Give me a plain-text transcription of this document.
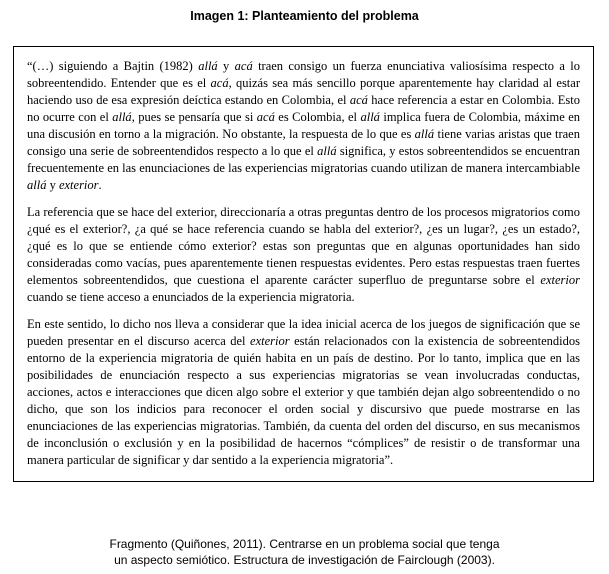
Imagen 1: Planteamiento del problema

“(…) siguiendo a Bajtin (1982) allá y acá traen consigo un fuerza enunciativa valiosísima respecto a lo sobreentendido. Entender que es el acá, quizás sea más sencillo porque aparentemente hay claridad al estar haciendo uso de esa expresión deíctica estando en Colombia, el acá hace referencia a estar en Colombia. Esto no ocurre con el allá, pues se pensaría que si acá es Colombia, el allá implica fuera de Colombia, máxime en una discusión en torno a la migración. No obstante, la respuesta de lo que es allá tiene varias aristas que traen consigo una serie de sobreentendidos respecto a lo que el allá significa, y estos sobreentendidos se encuentran frecuentemente en las enunciaciones de las experiencias migratorias cuando utilizan de manera intercambiable allá y exterior.

La referencia que se hace del exterior, direccionaría a otras preguntas dentro de los procesos migratorios como ¿qué es el exterior?, ¿a qué se hace referencia cuando se habla del exterior?, ¿es un lugar?, ¿es un estado?, ¿qué es lo que se entiende cómo exterior? estas son preguntas que en algunas oportunidades han sido consideradas como vacías, pues aparentemente tienen respuestas evidentes. Pero estas respuestas traen fuertes elementos sobreentendidos, que cuestiona el aparente carácter superfluo de preguntarse sobre el exterior cuando se tiene acceso a enunciados de la experiencia migratoria.

En este sentido, lo dicho nos lleva a considerar que la idea inicial acerca de los juegos de significación que se pueden presentar en el discurso acerca del exterior están relacionados con la existencia de sobreentendidos entorno de la experiencia migratoria de quién habita en un país de destino. Por lo tanto, implica que en las posibilidades de enunciación respecto a sus experiencias migratorias se vean involucradas conductas, acciones, actos e interacciones que dicen algo sobre el exterior y que también dejan algo sobreentendido o no dicho, que son los indicios para reconocer el orden social y discursivo que puede mostrarse en las enunciaciones de las experiencias migratorias. También, da cuenta del orden del discurso, en sus mecanismos de inconclusión o exclusión y en la posibilidad de hacernos “cómplices” de resistir o de transformar una manera particular de significar y dar sentido a la experiencia migratoria”.

Fragmento (Quiñones, 2011). Centrarse en un problema social que tenga
un aspecto semiótico. Estructura de investigación de Fairclough (2003).
